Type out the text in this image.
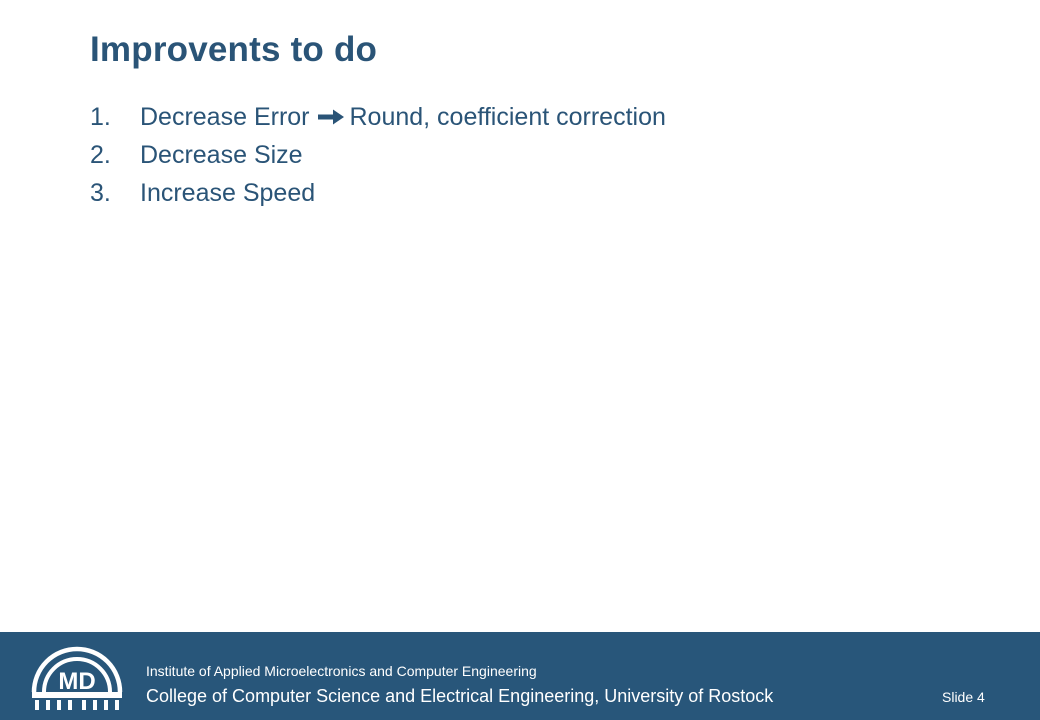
Improvents to do
1. Decrease Error Round, coefficient correction
2. Decrease Size
3. Increase Speed
MD	Institute of Applied Microelectronics and Computer Engineering
College of Computer Science and Electrical Engineering, University of Rostock	Slide 4
